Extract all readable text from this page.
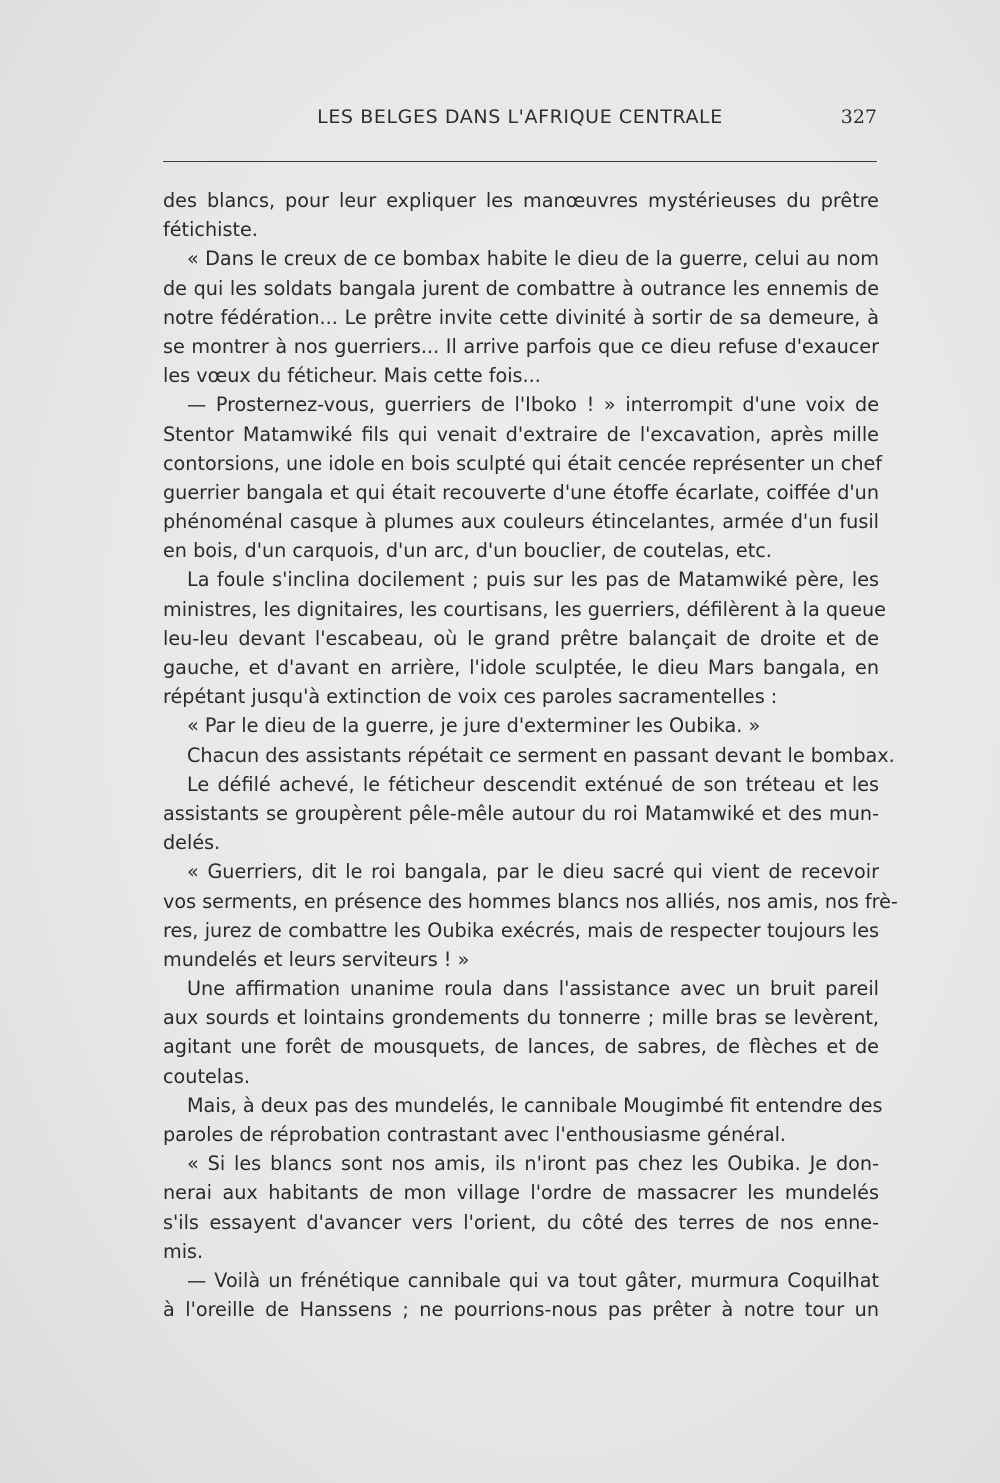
LES BELGES DANS L'AFRIQUE CENTRALE	327
des blancs, pour leur expliquer les manœuvres mystérieuses du prêtre
fétichiste.
« Dans le creux de ce bombax habite le dieu de la guerre, celui au nom
de qui les soldats bangala jurent de combattre à outrance les ennemis de
notre fédération... Le prêtre invite cette divinité à sortir de sa demeure, à
se montrer à nos guerriers... Il arrive parfois que ce dieu refuse d'exaucer
les vœux du féticheur. Mais cette fois...
— Prosternez-vous, guerriers de l'Iboko ! » interrompit d'une voix de
Stentor Matamwiké fils qui venait d'extraire de l'excavation, après mille
contorsions, une idole en bois sculpté qui était cencée représenter un chef
guerrier bangala et qui était recouverte d'une étoffe écarlate, coiffée d'un
phénoménal casque à plumes aux couleurs étincelantes, armée d'un fusil
en bois, d'un carquois, d'un arc, d'un bouclier, de coutelas, etc.
La foule s'inclina docilement ; puis sur les pas de Matamwiké père, les
ministres, les dignitaires, les courtisans, les guerriers, défilèrent à la queue
leu-leu devant l'escabeau, où le grand prêtre balançait de droite et de
gauche, et d'avant en arrière, l'idole sculptée, le dieu Mars bangala, en
répétant jusqu'à extinction de voix ces paroles sacramentelles :
« Par le dieu de la guerre, je jure d'exterminer les Oubika. »
Chacun des assistants répétait ce serment en passant devant le bombax.
Le défilé achevé, le féticheur descendit exténué de son tréteau et les
assistants se groupèrent pêle-mêle autour du roi Matamwiké et des mun-
delés.
« Guerriers, dit le roi bangala, par le dieu sacré qui vient de recevoir
vos serments, en présence des hommes blancs nos alliés, nos amis, nos frè-
res, jurez de combattre les Oubika exécrés, mais de respecter toujours les
mundelés et leurs serviteurs ! »
Une affirmation unanime roula dans l'assistance avec un bruit pareil
aux sourds et lointains grondements du tonnerre ; mille bras se levèrent,
agitant une forêt de mousquets, de lances, de sabres, de flèches et de
coutelas.
Mais, à deux pas des mundelés, le cannibale Mougimbé fit entendre des
paroles de réprobation contrastant avec l'enthousiasme général.
« Si les blancs sont nos amis, ils n'iront pas chez les Oubika. Je don-
nerai aux habitants de mon village l'ordre de massacrer les mundelés
s'ils essayent d'avancer vers l'orient, du côté des terres de nos enne-
mis.
— Voilà un frénétique cannibale qui va tout gâter, murmura Coquilhat
à l'oreille de Hanssens ; ne pourrions-nous pas prêter à notre tour un
